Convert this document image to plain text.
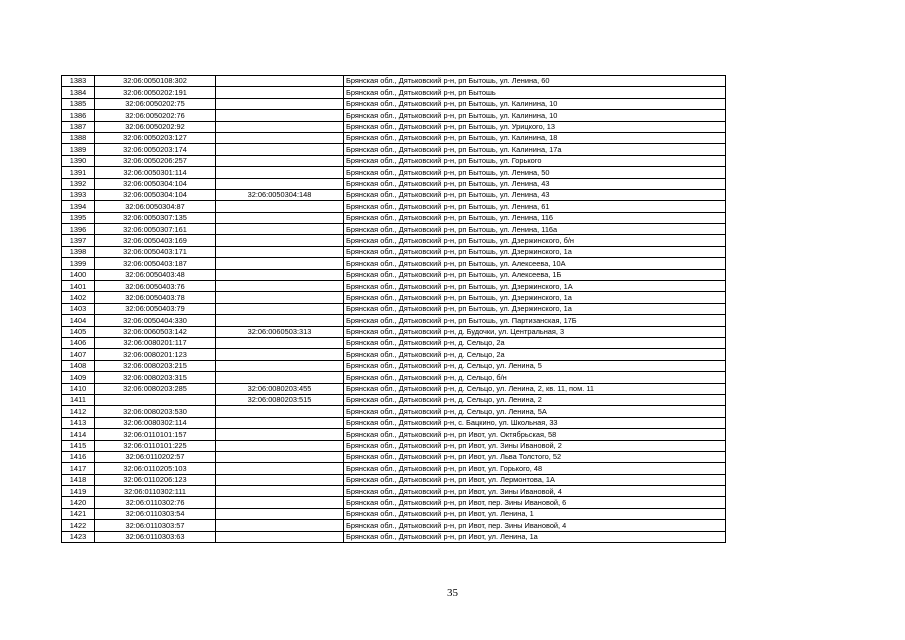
1383	32:06:0050108:302		Брянская обл., Дятьковский р-н, рп Бытошь, ул. Ленина, 60
1384	32:06:0050202:191		Брянская обл., Дятьковский р-н, рп Бытошь
1385	32:06:0050202:75		Брянская обл., Дятьковский р-н, рп Бытошь, ул. Калинина, 10
1386	32:06:0050202:76		Брянская обл., Дятьковский р-н, рп Бытошь, ул. Калинина, 10
1387	32:06:0050202:92		Брянская обл., Дятьковский р-н, рп Бытошь, ул. Урицкого, 13
1388	32:06:0050203:127		Брянская обл., Дятьковский р-н, рп Бытошь, ул. Калинина, 18
1389	32:06:0050203:174		Брянская обл., Дятьковский р-н, рп Бытошь, ул. Калинина, 17а
1390	32:06:0050206:257		Брянская обл., Дятьковский р-н, рп Бытошь, ул. Горького
1391	32:06:0050301:114		Брянская обл., Дятьковский р-н, рп Бытошь, ул. Ленина, 50
1392	32:06:0050304:104		Брянская обл., Дятьковский р-н, рп Бытошь, ул. Ленина, 43
1393	32:06:0050304:104	32:06:0050304:148	Брянская обл., Дятьковский р-н, рп Бытошь, ул. Ленина, 43
1394	32:06:0050304:87		Брянская обл., Дятьковский р-н, рп Бытошь, ул. Ленина, 61
1395	32:06:0050307:135		Брянская обл., Дятьковский р-н, рп Бытошь, ул. Ленина, 116
1396	32:06:0050307:161		Брянская обл., Дятьковский р-н, рп Бытошь, ул. Ленина, 116а
1397	32:06:0050403:169		Брянская обл., Дятьковский р-н, рп Бытошь, ул. Дзержинского, б/н
1398	32:06:0050403:171		Брянская обл., Дятьковский р-н, рп Бытошь, ул. Дзержинского, 1а
1399	32:06:0050403:187		Брянская обл., Дятьковский р-н, рп Бытошь, ул. Алексеева, 10А
1400	32:06:0050403:48		Брянская обл., Дятьковский р-н, рп Бытошь, ул. Алексеева, 1Б
1401	32:06:0050403:76		Брянская обл., Дятьковский р-н, рп Бытошь, ул. Дзержинского, 1А
1402	32:06:0050403:78		Брянская обл., Дятьковский р-н, рп Бытошь, ул. Дзержинского, 1а
1403	32:06:0050403:79		Брянская обл., Дятьковский р-н, рп Бытошь, ул. Дзержинского, 1а
1404	32:06:0050404:330		Брянская обл., Дятьковский р-н, рп Бытошь, ул. Партизанская, 17Б
1405	32:06:0060503:142	32:06:0060503:313	Брянская обл., Дятьковский р-н, д. Будочки, ул. Центральная, 3
1406	32:06:0080201:117		Брянская обл., Дятьковский р-н, д. Сельцо, 2а
1407	32:06:0080201:123		Брянская обл., Дятьковский р-н, д. Сельцо, 2а
1408	32:06:0080203:215		Брянская обл., Дятьковский р-н, д. Сельцо, ул. Ленина, 5
1409	32:06:0080203:315		Брянская обл., Дятьковский р-н, д. Сельцо, б/н
1410	32:06:0080203:285	32:06:0080203:455	Брянская обл., Дятьковский р-н, д. Сельцо, ул. Ленина, 2, кв. 11, пом. 11
1411		32:06:0080203:515	Брянская обл., Дятьковский р-н, д. Сельцо, ул. Ленина, 2
1412	32:06:0080203:530		Брянская обл., Дятьковский р-н, д. Сельцо, ул. Ленина, 5А
1413	32:06:0080302:114		Брянская обл., Дятьковский р-н, с. Бацкино, ул. Школьная, 33
1414	32:06:0110101:157		Брянская обл., Дятьковский р-н, рп Ивот, ул. Октябрьская, 58
1415	32:06:0110101:225		Брянская обл., Дятьковский р-н, рп Ивот, ул. Зины Ивановой, 2
1416	32:06:0110202:57		Брянская обл., Дятьковский р-н, рп Ивот, ул. Льва Толстого, 52
1417	32:06:0110205:103		Брянская обл., Дятьковский р-н, рп Ивот, ул. Горького, 48
1418	32:06:0110206:123		Брянская обл., Дятьковский р-н, рп Ивот, ул. Лермонтова, 1А
1419	32:06:0110302:111		Брянская обл., Дятьковский р-н, рп Ивот, ул. Зины Ивановой, 4
1420	32:06:0110302:76		Брянская обл., Дятьковский р-н, рп Ивот, пер. Зины Ивановой, 6
1421	32:06:0110303:54		Брянская обл., Дятьковский р-н, рп Ивот, ул. Ленина, 1
1422	32:06:0110303:57		Брянская обл., Дятьковский р-н, рп Ивот, пер. Зины Ивановой, 4
1423	32:06:0110303:63		Брянская обл., Дятьковский р-н, рп Ивот, ул. Ленина, 1а
35
